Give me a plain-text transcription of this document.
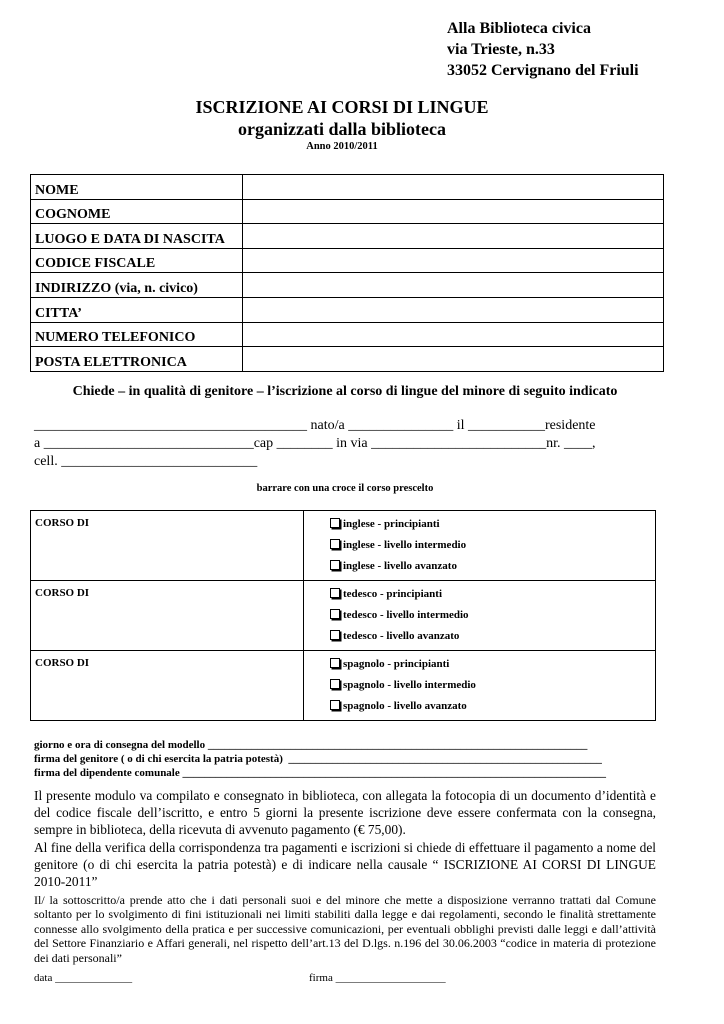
Alla Biblioteca civica
via Trieste, n.33
33052 Cervignano del Friuli
ISCRIZIONE AI CORSI DI LINGUE
organizzati dalla biblioteca
Anno 2010/2011
NOME	
COGNOME	
LUOGO E DATA DI NASCITA	
CODICE FISCALE	
INDIRIZZO (via, n. civico)	
CITTA’	
NUMERO TELEFONICO	
POSTA ELETTRONICA	
Chiede – in qualità di genitore – l’iscrizione al corso di lingue del minore di seguito indicato
_______________________________________ nato/a _______________ il ___________residente
a ______________________________cap ________ in via _________________________nr. ____,
cell. ____________________________
barrare con una croce il corso prescelto
CORSO DI	inglese - principianti
inglese - livello intermedio
inglese - livello avanzato

CORSO DI	tedesco - principianti
tedesco - livello intermedio
tedesco - livello avanzato

CORSO DI	spagnolo - principianti
spagnolo - livello intermedio
spagnolo - livello avanzato
giorno e ora di consegna del modello _____________________________________________________________________
firma del genitore ( o di chi esercita la patria potestà)  _________________________________________________________
firma del dipendente comunale _____________________________________________________________________________
Il presente modulo va compilato e consegnato in biblioteca, con allegata la fotocopia di un documento d’identità e del codice fiscale dell’iscritto, e entro 5 giorni la presente iscrizione deve essere confermata con la consegna, sempre in biblioteca, della ricevuta di avvenuto pagamento (€ 75,00).
Al fine della verifica della corrispondenza tra pagamenti e iscrizioni si chiede di effettuare il pagamento a nome del genitore (o di chi esercita la patria potestà) e di indicare nella causale “ ISCRIZIONE AI CORSI DI LINGUE 2010-2011”
Il/ la sottoscritto/a prende atto che i dati personali suoi e del minore che mette a disposizione verranno trattati dal Comune soltanto per lo svolgimento di fini istituzionali nei limiti stabiliti dalla legge e dai regolamenti, secondo le finalità strettamente connesse allo svolgimento della pratica e per successive comunicazioni, per eventuali obblighi previsti dalle leggi e dall’attività del Settore Finanziario e Affari generali, nel rispetto dell’art.13 del D.lgs. n.196 del 30.06.2003 “codice in materia di protezione dei dati personali”
data ______________	firma ____________________
